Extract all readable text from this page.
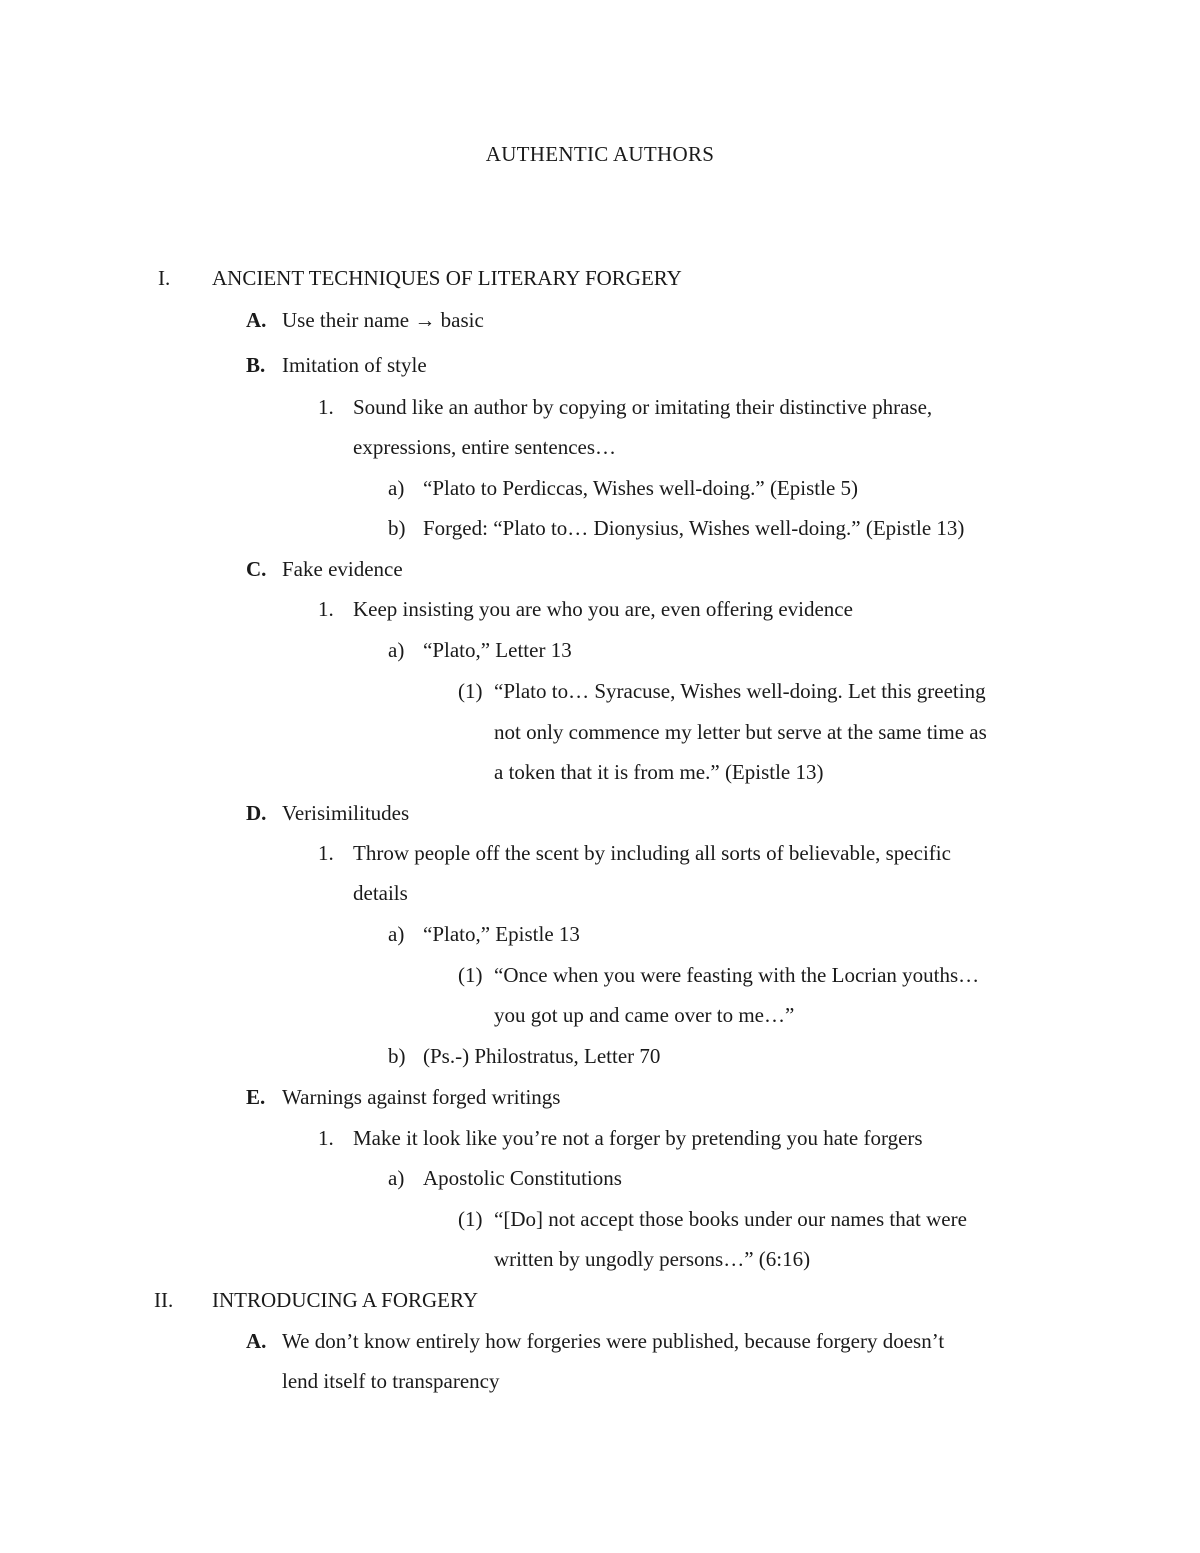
AUTHENTIC AUTHORS
I. ANCIENT TECHNIQUES OF LITERARY FORGERY
A. Use their name → basic
B. Imitation of style
1. Sound like an author by copying or imitating their distinctive phrase,
expressions, entire sentences…
a) “Plato to Perdiccas, Wishes well-doing.” (Epistle 5)
b) Forged: “Plato to… Dionysius, Wishes well-doing.” (Epistle 13)
C. Fake evidence
1. Keep insisting you are who you are, even offering evidence
a) “Plato,” Letter 13
(1) “Plato to… Syracuse, Wishes well-doing. Let this greeting
not only commence my letter but serve at the same time as
a token that it is from me.” (Epistle 13)
D. Verisimilitudes
1. Throw people off the scent by including all sorts of believable, specific
details
a) “Plato,” Epistle 13
(1) “Once when you were feasting with the Locrian youths…
you got up and came over to me…”
b) (Ps.-) Philostratus, Letter 70
E. Warnings against forged writings
1. Make it look like you’re not a forger by pretending you hate forgers
a) Apostolic Constitutions
(1) “[Do] not accept those books under our names that were
written by ungodly persons…” (6:16)
II. INTRODUCING A FORGERY
A. We don’t know entirely how forgeries were published, because forgery doesn’t
lend itself to transparency
